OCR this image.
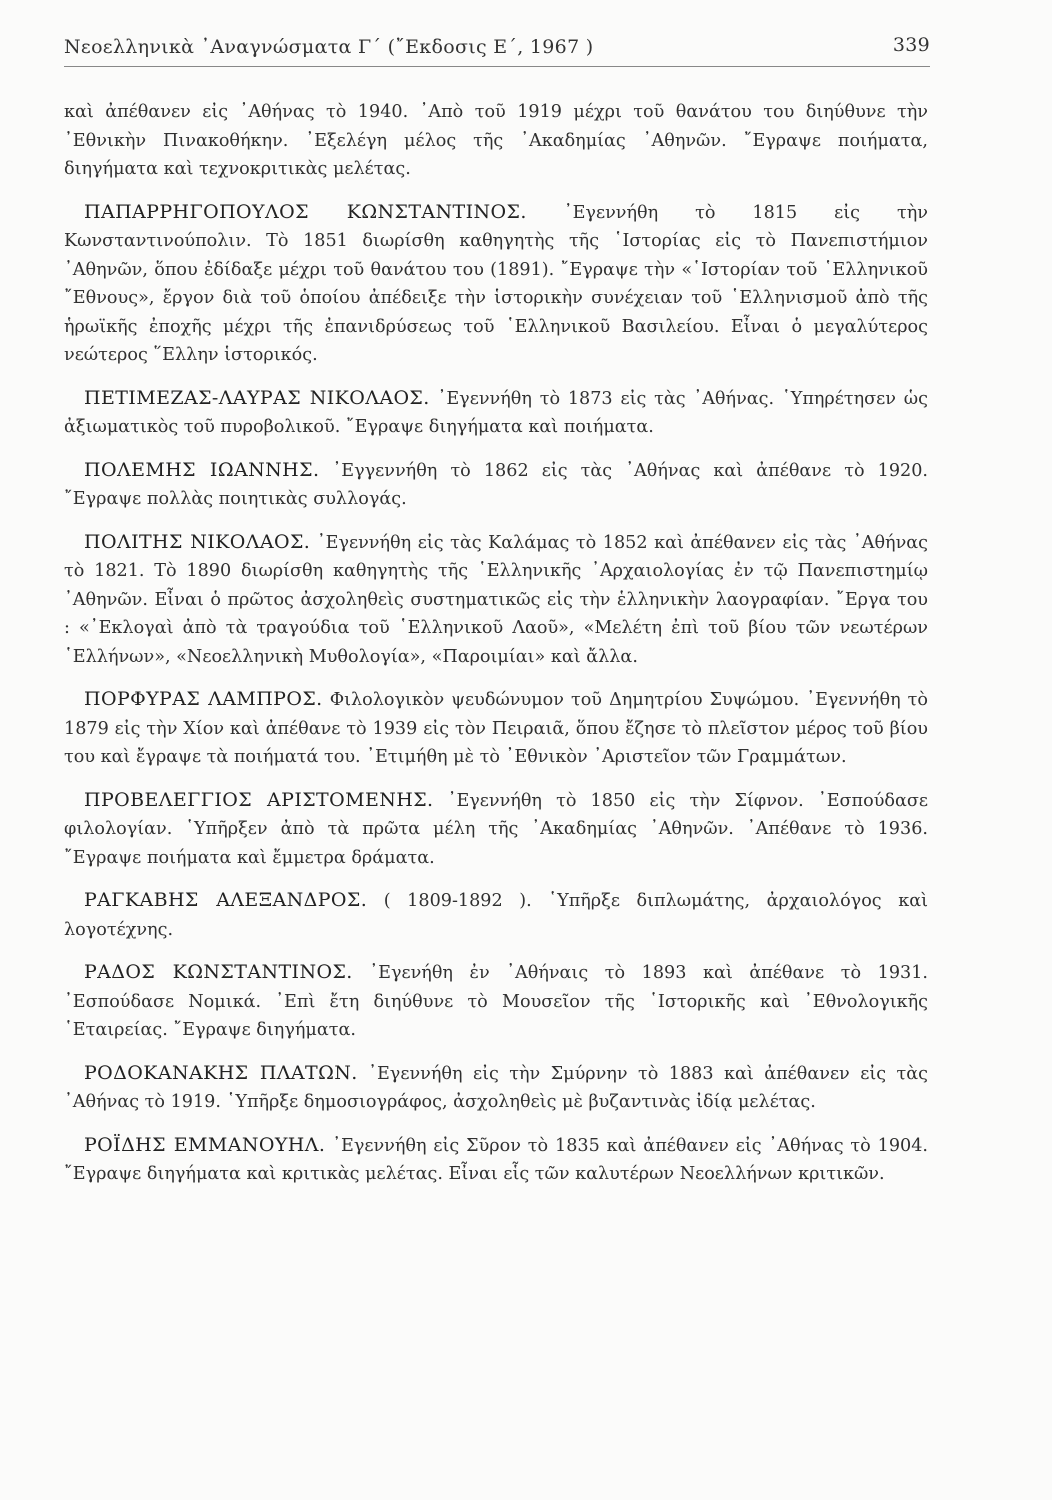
Νεοελληνικὰ ᾿Αναγνώσματα Γ΄ (῎Εκδοσις Ε΄, 1967 )	339

καὶ ἀπέθανεν εἰς ᾿Αθήνας τὸ 1940. ᾿Απὸ τοῦ 1919 μέχρι τοῦ θανάτου του διηύθυνε τὴν ᾿Εθνικὴν Πινακοθήκην. ᾿Εξελέγη μέλος τῆς ᾿Ακαδημίας ᾿Αθηνῶν. ῎Εγραψε ποιήματα, διηγήματα καὶ τεχνοκριτικὰς μελέτας.

ΠΑΠΑΡΡΗΓΟΠΟΥΛΟΣ ΚΩΝΣΤΑΝΤΙΝΟΣ. ᾿Εγεννήθη τὸ 1815 εἰς τὴν Κωνσταντινούπολιν. Τὸ 1851 διωρίσθη καθηγητὴς τῆς ῾Ιστορίας εἰς τὸ Πανεπιστήμιον ᾿Αθηνῶν, ὅπου ἐδίδαξε μέχρι τοῦ θανάτου του (1891). ῎Εγραψε τὴν «῾Ιστορίαν τοῦ ῾Ελληνικοῦ ῎Εθνους», ἔργον διὰ τοῦ ὁποίου ἀπέδειξε τὴν ἱστορικὴν συνέχειαν τοῦ ῾Ελληνισμοῦ ἀπὸ τῆς ἡρωϊκῆς ἐποχῆς μέχρι τῆς ἐπανιδρύσεως τοῦ ῾Ελληνικοῦ Βασιλείου. Εἶναι ὁ μεγαλύτερος νεώτερος ῞Ελλην ἱστορικός.

ΠΕΤΙΜΕΖΑΣ-ΛΑΥΡΑΣ ΝΙΚΟΛΑΟΣ. ᾿Εγεννήθη τὸ 1873 εἰς τὰς ᾿Αθήνας. ῾Υπηρέτησεν ὡς ἀξιωματικὸς τοῦ πυροβολικοῦ. ῎Εγραψε διηγήματα καὶ ποιήματα.

ΠΟΛΕΜΗΣ ΙΩΑΝΝΗΣ. ᾿Εγγεννήθη τὸ 1862 εἰς τὰς ᾿Αθήνας καὶ ἀπέθανε τὸ 1920. ῎Εγραψε πολλὰς ποιητικὰς συλλογάς.

ΠΟΛΙΤΗΣ ΝΙΚΟΛΑΟΣ. ᾿Εγεννήθη εἰς τὰς Καλάμας τὸ 1852 καὶ ἀπέθανεν εἰς τὰς ᾿Αθήνας τὸ 1821. Τὸ 1890 διωρίσθη καθηγητὴς τῆς ῾Ελληνικῆς ᾿Αρχαιολογίας ἐν τῷ Πανεπιστημίῳ ᾿Αθηνῶν. Εἶναι ὁ πρῶτος ἀσχοληθεὶς συστηματικῶς εἰς τὴν ἑλληνικὴν λαογραφίαν. ῎Εργα του : «᾿Εκλογαὶ ἀπὸ τὰ τραγούδια τοῦ ῾Ελληνικοῦ Λαοῦ», «Μελέτη ἐπὶ τοῦ βίου τῶν νεωτέρων ῾Ελλήνων», «Νεοελληνικὴ Μυθολογία», «Παροιμίαι» καὶ ἄλλα.

ΠΟΡΦΥΡΑΣ ΛΑΜΠΡΟΣ. Φιλολογικὸν ψευδώνυμον τοῦ Δημητρίου Συψώμου. ᾿Εγεννήθη τὸ 1879 εἰς τὴν Χίον καὶ ἀπέθανε τὸ 1939 εἰς τὸν Πειραιᾶ, ὅπου ἔζησε τὸ πλεῖστον μέρος τοῦ βίου του καὶ ἔγραψε τὰ ποιήματά του. ᾿Ετιμήθη μὲ τὸ ᾿Εθνικὸν ᾿Αριστεῖον τῶν Γραμμάτων.

ΠΡΟΒΕΛΕΓΓΙΟΣ ΑΡΙΣΤΟΜΕΝΗΣ. ᾿Εγεννήθη τὸ 1850 εἰς τὴν Σίφνον. ᾿Εσπούδασε φιλολογίαν. ῾Υπῆρξεν ἀπὸ τὰ πρῶτα μέλη τῆς ᾿Ακαδημίας ᾿Αθηνῶν. ᾿Απέθανε τὸ 1936. ῎Εγραψε ποιήματα καὶ ἔμμετρα δράματα.

ΡΑΓΚΑΒΗΣ ΑΛΕΞΑΝΔΡΟΣ. ( 1809-1892 ). ῾Υπῆρξε διπλωμάτης, ἀρχαιολόγος καὶ λογοτέχνης.

ΡΑΔΟΣ ΚΩΝΣΤΑΝΤΙΝΟΣ. ᾿Εγενήθη ἐν ᾿Αθήναις τὸ 1893 καὶ ἀπέθανε τὸ 1931. ᾿Εσπούδασε Νομικά. ᾿Επὶ ἔτη διηύθυνε τὸ Μουσεῖον τῆς ῾Ιστορικῆς καὶ ᾿Εθνολογικῆς ῾Εταιρείας. ῎Εγραψε διηγήματα.

ΡΟΔΟΚΑΝΑΚΗΣ ΠΛΑΤΩΝ. ᾿Εγεννήθη εἰς τὴν Σμύρνην τὸ 1883 καὶ ἀπέθανεν εἰς τὰς ᾿Αθήνας τὸ 1919. ῾Υπῆρξε δημοσιογράφος, ἀσχοληθεὶς μὲ βυζαντινὰς ἰδίᾳ μελέτας.

ΡΟΪΔΗΣ ΕΜΜΑΝΟΥΗΛ. ᾿Εγεννήθη εἰς Σῦρον τὸ 1835 καὶ ἀπέθανεν εἰς ᾿Αθήνας τὸ 1904. ῎Εγραψε διηγήματα καὶ κριτικὰς μελέτας. Εἶναι εἷς τῶν καλυτέρων Νεοελλήνων κριτικῶν.
